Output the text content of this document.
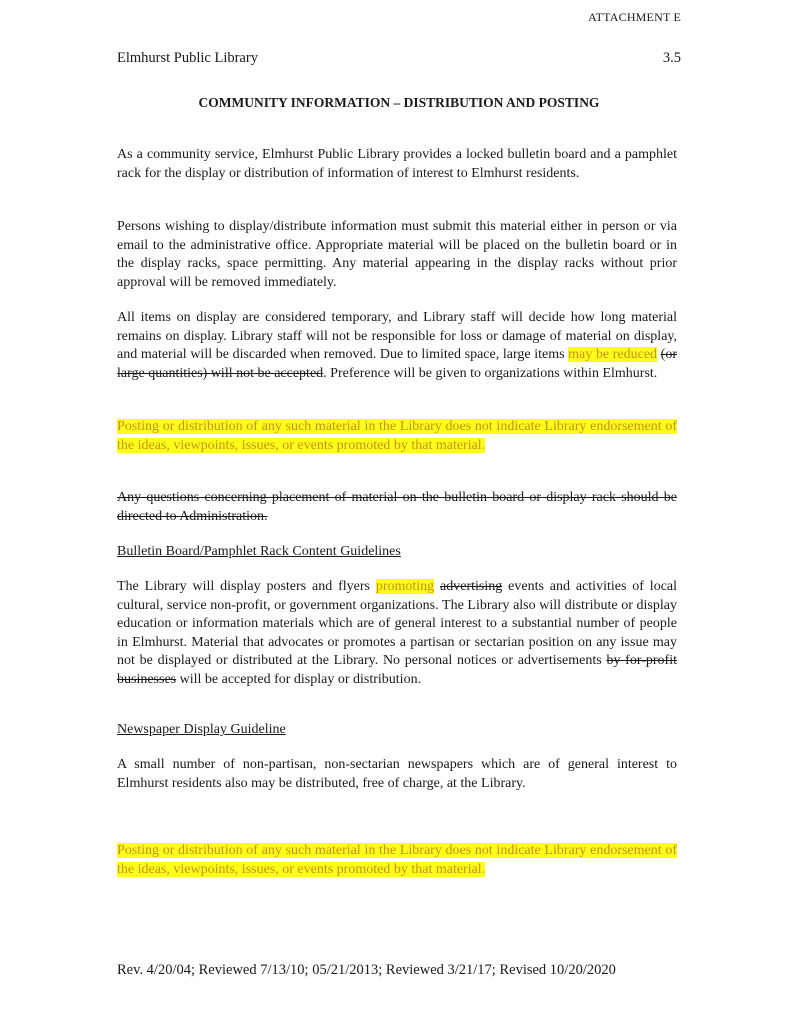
ATTACHMENT E
Elmhurst Public Library	3.5
COMMUNITY INFORMATION – DISTRIBUTION AND POSTING
As a community service, Elmhurst Public Library provides a locked bulletin board and a pamphlet rack for the display or distribution of information of interest to Elmhurst residents.
Persons wishing to display/distribute information must submit this material either in person or via email to the administrative office. Appropriate material will be placed on the bulletin board or in the display racks, space permitting. Any material appearing in the display racks without prior approval will be removed immediately.
All items on display are considered temporary, and Library staff will decide how long material remains on display. Library staff will not be responsible for loss or damage of material on display, and material will be discarded when removed. Due to limited space, large items may be reduced (or large quantities) will not be accepted. Preference will be given to organizations within Elmhurst.
Posting or distribution of any such material in the Library does not indicate Library endorsement of the ideas, viewpoints, issues, or events promoted by that material.
Any questions concerning placement of material on the bulletin board or display rack should be directed to Administration.
Bulletin Board/Pamphlet Rack Content Guidelines
The Library will display posters and flyers promoting advertising events and activities of local cultural, service non-profit, or government organizations. The Library also will distribute or display education or information materials which are of general interest to a substantial number of people in Elmhurst. Material that advocates or promotes a partisan or sectarian position on any issue may not be displayed or distributed at the Library. No personal notices or advertisements by for-profit businesses will be accepted for display or distribution.
Newspaper Display Guideline
A small number of non-partisan, non-sectarian newspapers which are of general interest to Elmhurst residents also may be distributed, free of charge, at the Library.
Posting or distribution of any such material in the Library does not indicate Library endorsement of the ideas, viewpoints, issues, or events promoted by that material.
Rev. 4/20/04; Reviewed 7/13/10; 05/21/2013; Reviewed 3/21/17; Revised 10/20/2020
